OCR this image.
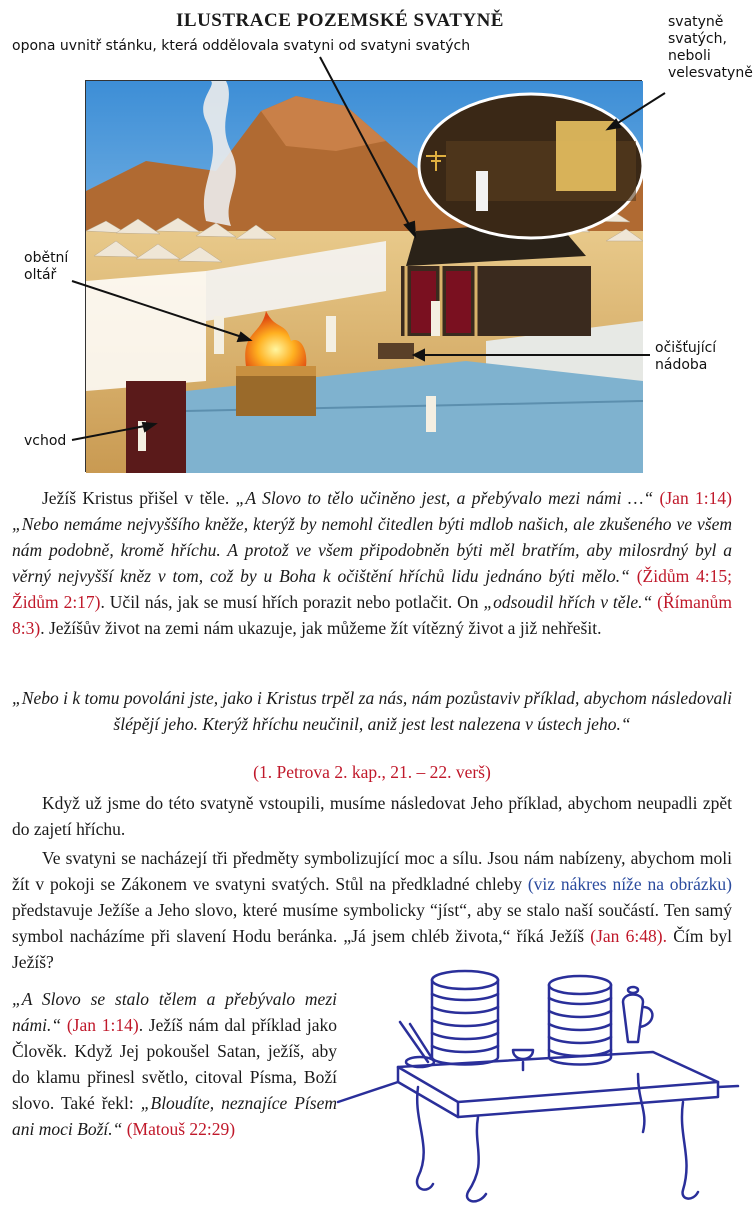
ILUSTRACE POZEMSKÉ SVATYNĚ
opona uvnitř stánku, která oddělovala svatyni od svatyni svatých
svatyně
svatých,
neboli
velesvatyně
obětní
oltář
očišťující
nádoba
vchod
Ježíš Kristus přišel v těle. „A Slovo to tělo učiněno jest, a přebývalo mezi námi …“ (Jan 1:14) „Nebo nemáme nejvyššího kněže, kterýž by nemohl čitedlen býti mdlob našich, ale zkušeného ve všem nám podobně, kromě hříchu. A protož ve všem připodobněn býti měl bratřím, aby milosrdný byl a věrný nejvyšší kněz v tom, což by u Boha k očištění hříchů lidu jednáno býti mělo.“ (Židům 4:15; Židům 2:17). Učil nás, jak se musí hřích porazit nebo potlačit. On „odsoudil hřích v těle.“ (Římanům 8:3). Ježíšův život na zemi nám ukazuje, jak můžeme žít vítězný život a již nehřešit.
„Nebo i k tomu povoláni jste, jako i Kristus trpěl za nás, nám pozůstaviv příklad, abychom následovali šlépějí jeho. Kterýž hříchu neučinil, aniž jest lest nalezena v ústech jeho.“
(1. Petrova 2. kap., 21. – 22. verš)
Když už jsme do této svatyně vstoupili, musíme následovat Jeho příklad, abychom neupadli zpět do zajetí hříchu.
Ve svatyni se nacházejí tři předměty symbolizující moc a sílu. Jsou nám nabízeny, abychom moli žít v pokoji se Zákonem ve svatyni svatých. Stůl na předkladné chleby (viz nákres níže na obrázku) představuje Ježíše a Jeho slovo, které musíme symbolicky “jíst“, aby se stalo naší součástí. Ten samý symbol nacházíme při slavení Hodu beránka. „Já jsem chléb života,“ říká Ježíš (Jan 6:48). Čím byl Ježíš?
„A Slovo se stalo tělem a přebývalo mezi námi.“ (Jan 1:14). Ježíš nám dal příklad jako Člověk. Když Jej pokoušel Satan, ježíš, aby do klamu přinesl světlo, citoval Písma, Boží slovo. Také řekl: „Bloudíte, neznajíce Písem ani moci Boží.“ (Matouš 22:29)
